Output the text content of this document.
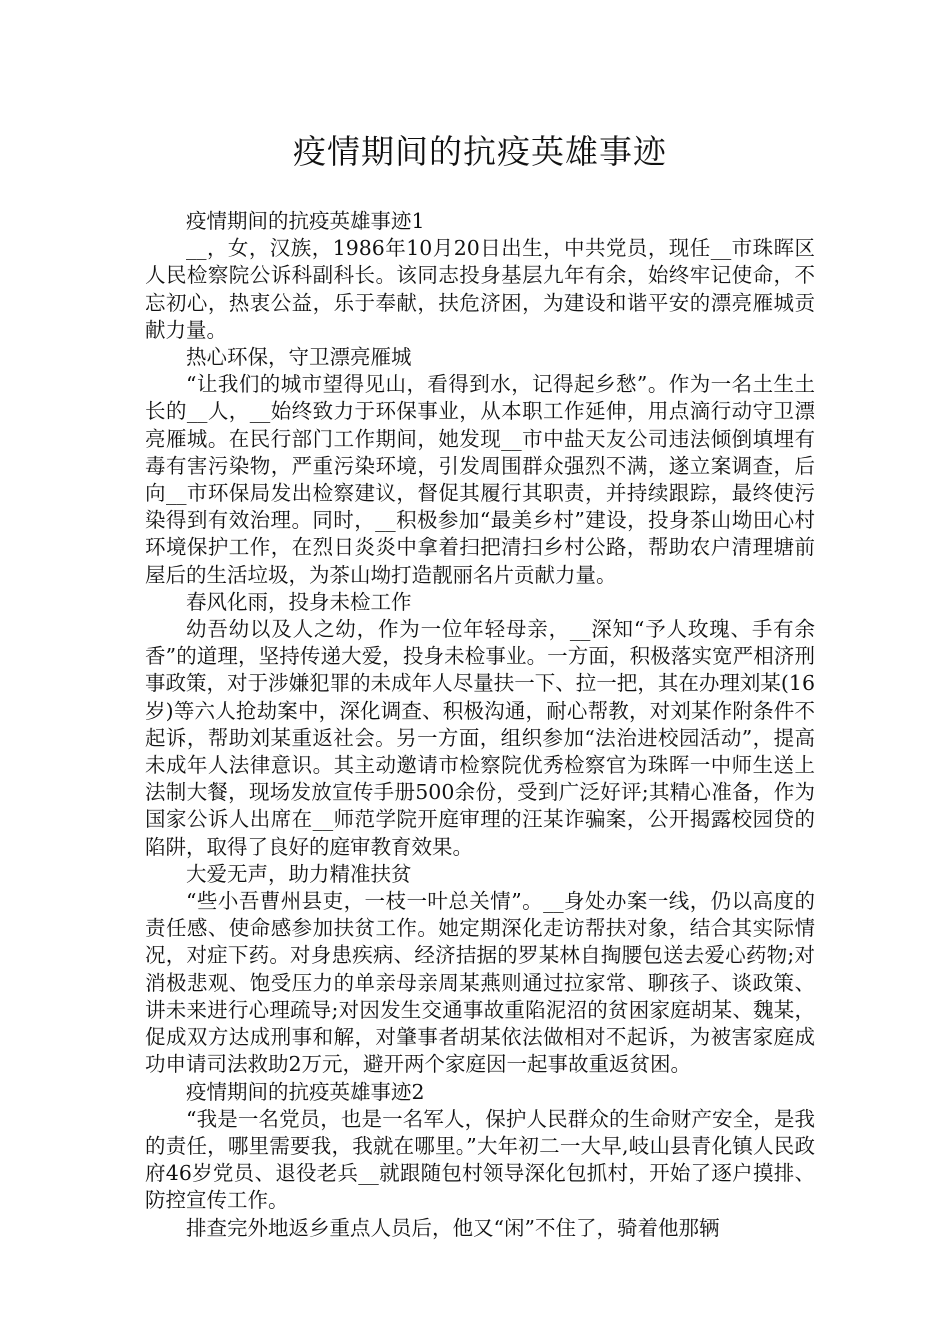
疫情期间的抗疫英雄事迹

疫情期间的抗疫英雄事迹1

__，女，汉族，1986年10月20日出生，中共党员，现任__市珠晖区人民检察院公诉科副科长。该同志投身基层九年有余，始终牢记使命，不忘初心，热衷公益，乐于奉献，扶危济困，为建设和谐平安的漂亮雁城贡献力量。

热心环保，守卫漂亮雁城

“让我们的城市望得见山，看得到水，记得起乡愁”。作为一名土生土长的__人，__始终致力于环保事业，从本职工作延伸，用点滴行动守卫漂亮雁城。在民行部门工作期间，她发现__市中盐天友公司违法倾倒填埋有毒有害污染物，严重污染环境，引发周围群众强烈不满，遂立案调查，后向__市环保局发出检察建议，督促其履行其职责，并持续跟踪，最终使污染得到有效治理。同时，__积极参加“最美乡村”建设，投身茶山坳田心村环境保护工作，在烈日炎炎中拿着扫把清扫乡村公路，帮助农户清理塘前屋后的生活垃圾，为茶山坳打造靓丽名片贡献力量。

春风化雨，投身未检工作

幼吾幼以及人之幼，作为一位年轻母亲，__深知“予人玫瑰、手有余香”的道理，坚持传递大爱，投身未检事业。一方面，积极落实宽严相济刑事政策，对于涉嫌犯罪的未成年人尽量扶一下、拉一把，其在办理刘某(16岁)等六人抢劫案中，深化调查、积极沟通，耐心帮教，对刘某作附条件不起诉，帮助刘某重返社会。另一方面，组织参加“法治进校园活动”，提高未成年人法律意识。其主动邀请市检察院优秀检察官为珠晖一中师生送上法制大餐，现场发放宣传手册500余份，受到广泛好评;其精心准备，作为国家公诉人出席在__师范学院开庭审理的汪某诈骗案，公开揭露校园贷的陷阱，取得了良好的庭审教育效果。

大爱无声，助力精准扶贫

“些小吾曹州县吏，一枝一叶总关情”。__身处办案一线，仍以高度的责任感、使命感参加扶贫工作。她定期深化走访帮扶对象，结合其实际情况，对症下药。对身患疾病、经济拮据的罗某林自掏腰包送去爱心药物;对消极悲观、饱受压力的单亲母亲周某燕则通过拉家常、聊孩子、谈政策、讲未来进行心理疏导;对因发生交通事故重陷泥沼的贫困家庭胡某、魏某，促成双方达成刑事和解，对肇事者胡某依法做相对不起诉，为被害家庭成功申请司法救助2万元，避开两个家庭因一起事故重返贫困。

疫情期间的抗疫英雄事迹2

“我是一名党员，也是一名军人，保护人民群众的生命财产安全，是我的责任，哪里需要我，我就在哪里。”大年初二一大早,岐山县青化镇人民政府46岁党员、退役老兵__就跟随包村领导深化包抓村，开始了逐户摸排、防控宣传工作。

排查完外地返乡重点人员后，他又“闲”不住了，骑着他那辆
